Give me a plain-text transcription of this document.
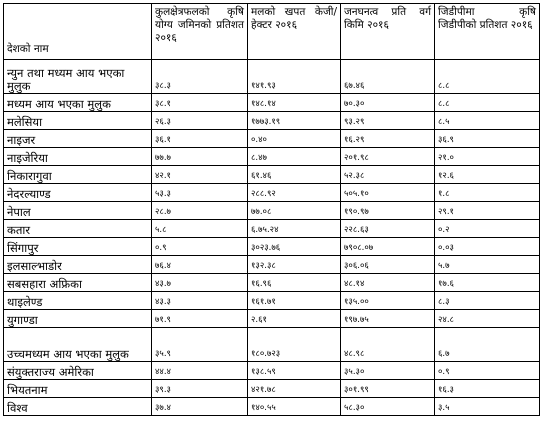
देशको नाम	कुलक्षेत्रफलको कृषि योग्य जमिनको प्रतिशत २०१६	मलको खपत केजी/ हेक्टर २०१६	जनघनत्व प्रति वर्ग किमि २०१६	जिडीपीमा कृषि जिडीपीको प्रतिशत २०१६
न्युन तथा मध्यम आय भएका मुलुक	३८.३	१४१.९३	६७.४६	८.८
मध्यम आय भएका मुलुक	३८.१	१४८.१४	७०.३०	८.८
मलेसिया	२६.३	१७७३.१९	९३.२९	८.५
नाइजर	३६.१	०.४०	१६.२९	३६.९
नाइजेरिया	७७.७	८.४७	२०१.९८	२१.०
निकारागुवा	४२.१	६१.४६	५२.३८	१२.६
नेदरल्याण्ड	५३.३	२८८.९२	५०५.१०	१.८
नेपाल	२८.७	७७.०८	१९०.९७	२९.१
कतार	५.८	६.७५.२४	२२८.६३	०.२
सिंगापुर	०.९	३०२३.७६	७९०८.०७	०.०३
इलसाल्भाडोर	७६.४	१३२.३८	३०६.०६	५.७
सबसहारा अफ्रिका	४३.७	१६.९६	४८.१४	१७.६
थाइलेण्ड	४३.३	१६१.७१	१३५.००	८.३
युगाण्डा	७१.९	२.६१	१९७.७५	२४.८
उच्चमध्यम आय भएका मुलुक	३५.९	१८०.७२३	४८.९८	६.७
संयुक्तराज्य अमेरिका	४४.४	१३८.५९	३५.३०	०.९
भियतनाम	३९.३	४२१.७८	३०१.९९	१६.३
विश्व	३७.४	१४०.५५	५८.३०	३.५
